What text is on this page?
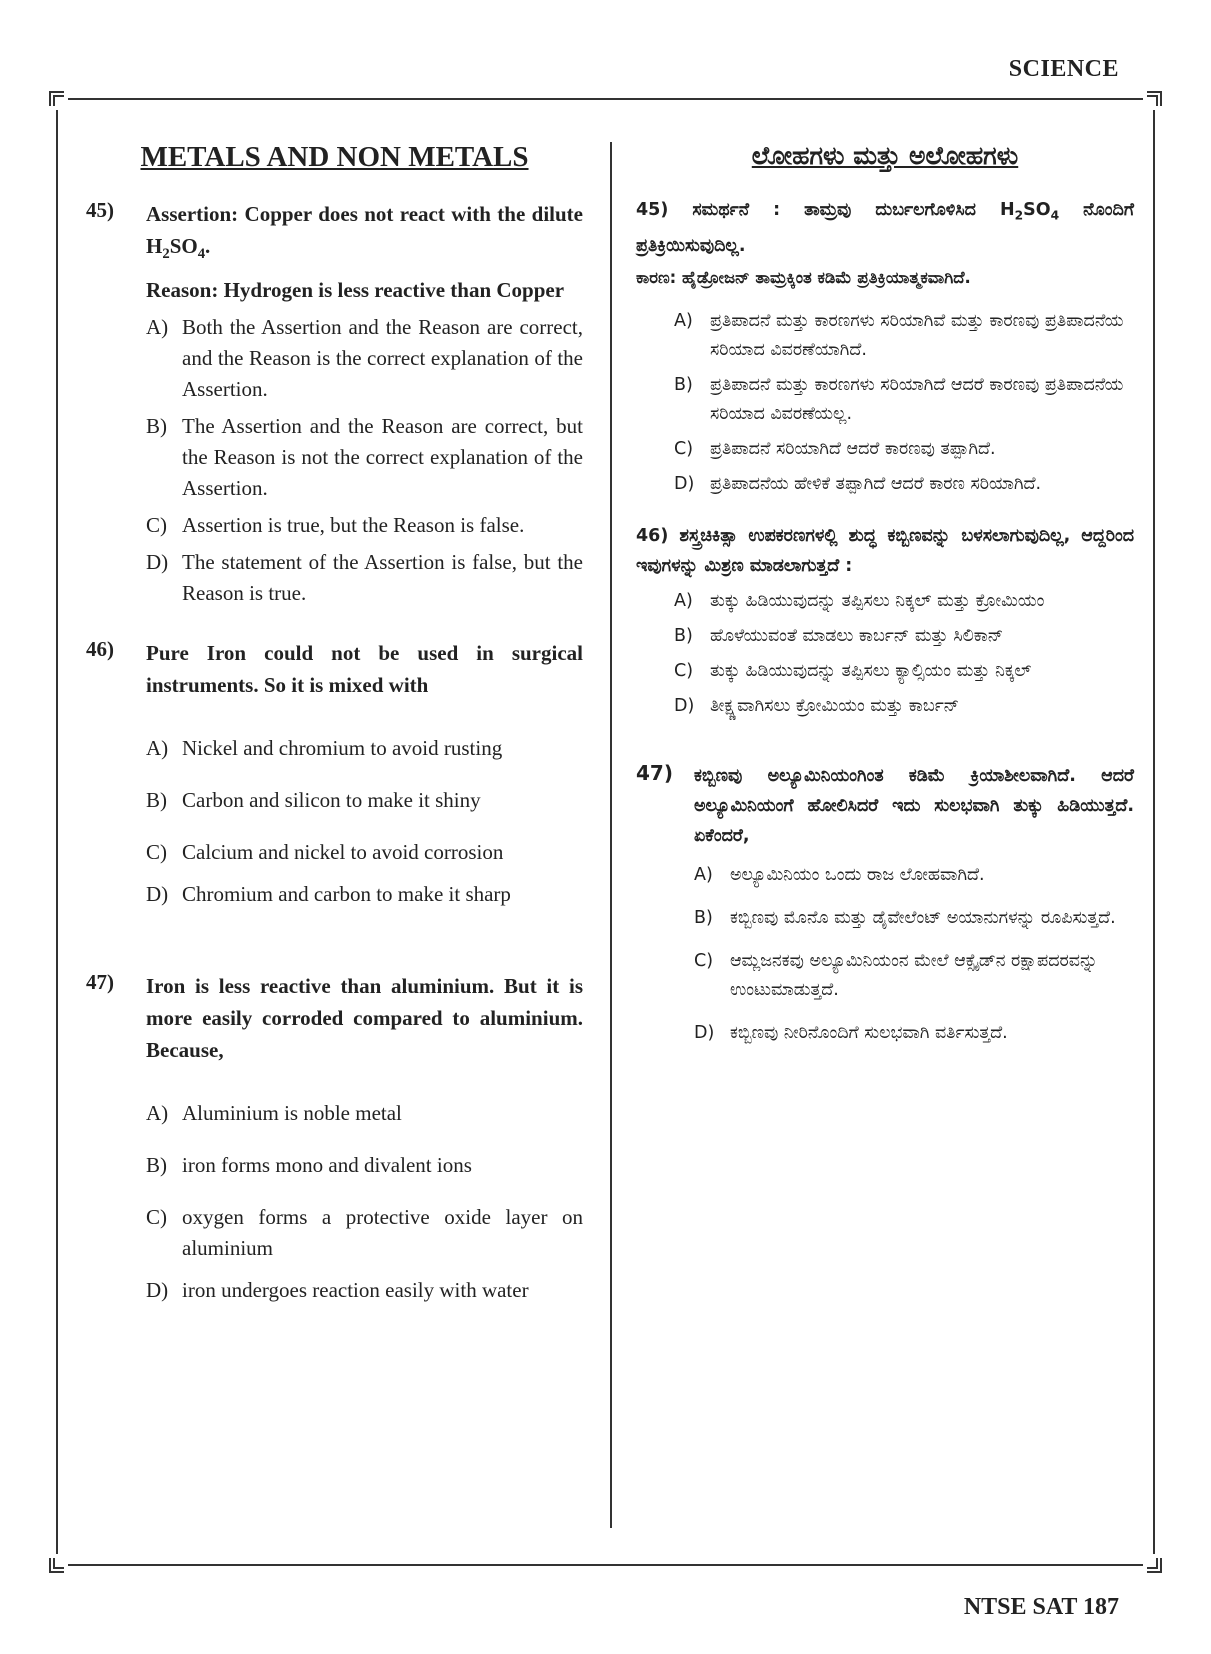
SCIENCE
METALS AND NON METALS
45) Assertion: Copper does not react with the dilute $H_2SO_4$.
Reason: Hydrogen is less reactive than Copper
A) Both the Assertion and the Reason are correct, and the Reason is the correct explanation of the Assertion.
B) The Assertion and the Reason are correct, but the Reason is not the correct explanation of the Assertion.
C) Assertion is true, but the Reason is false.
D) The statement of the Assertion is false, but the Reason is true.
46) Pure Iron could not be used in surgical instruments. So it is mixed with
A) Nickel and chromium to avoid rusting
B) Carbon and silicon to make it shiny
C) Calcium and nickel to avoid corrosion
D) Chromium and carbon to make it sharp
47) Iron is less reactive than aluminium. But it is more easily corroded compared to aluminium. Because,
A) Aluminium is noble metal
B) iron forms mono and divalent ions
C) oxygen forms a protective oxide layer on aluminium
D) iron undergoes reaction easily with water
ಲೋಹಗಳು ಮತ್ತು ಅಲೋಹಗಳು
45) ಸಮರ್ಥನೆ : ತಾಮ್ರವು ದುರ್ಬಲಗೊಳಿಸಿದ $H_2SO_4$ ನೊಂದಿಗೆ ಪ್ರತಿಕ್ರಿಯಿಸುವುದಿಲ್ಲ.
ಕಾರಣ: ಹೈಡ್ರೋಜನ್ ತಾಮ್ರಕ್ಕಿಂತ ಕಡಿಮೆ ಪ್ರತಿಕ್ರಿಯಾತ್ಮಕವಾಗಿದೆ.
A) ಪ್ರತಿಪಾದನೆ ಮತ್ತು ಕಾರಣಗಳು ಸರಿಯಾಗಿವೆ ಮತ್ತು ಕಾರಣವು ಪ್ರತಿಪಾದನೆಯ ಸರಿಯಾದ ವಿವರಣೆಯಾಗಿದೆ.
B) ಪ್ರತಿಪಾದನೆ ಮತ್ತು ಕಾರಣಗಳು ಸರಿಯಾಗಿದೆ ಆದರೆ ಕಾರಣವು ಪ್ರತಿಪಾದನೆಯ ಸರಿಯಾದ ವಿವರಣೆಯಲ್ಲ.
C) ಪ್ರತಿಪಾದನೆ ಸರಿಯಾಗಿದೆ ಆದರೆ ಕಾರಣವು ತಪ್ಪಾಗಿದೆ.
D) ಪ್ರತಿಪಾದನೆಯ ಹೇಳಿಕೆ ತಪ್ಪಾಗಿದೆ ಆದರೆ ಕಾರಣ ಸರಿಯಾಗಿದೆ.
46) ಶಸ್ತ್ರಚಿಕಿತ್ಸಾ ಉಪಕರಣಗಳಲ್ಲಿ ಶುದ್ಧ ಕಬ್ಬಿಣವನ್ನು ಬಳಸಲಾಗುವುದಿಲ್ಲ, ಆದ್ದರಿಂದ ಇವುಗಳನ್ನು ಮಿಶ್ರಣ ಮಾಡಲಾಗುತ್ತದೆ :
A) ತುಕ್ಕು ಹಿಡಿಯುವುದನ್ನು ತಪ್ಪಿಸಲು ನಿಕ್ಕಲ್ ಮತ್ತು ಕ್ರೋಮಿಯಂ
B) ಹೊಳೆಯುವಂತೆ ಮಾಡಲು ಕಾರ್ಬನ್ ಮತ್ತು ಸಿಲಿಕಾನ್
C) ತುಕ್ಕು ಹಿಡಿಯುವುದನ್ನು ತಪ್ಪಿಸಲು ಕ್ಯಾಲ್ಸಿಯಂ ಮತ್ತು ನಿಕ್ಕಲ್
D) ತೀಕ್ಷ್ಣವಾಗಿಸಲು ಕ್ರೋಮಿಯಂ ಮತ್ತು ಕಾರ್ಬನ್
47) ಕಬ್ಬಿಣವು ಅಲ್ಯೂಮಿನಿಯಂಗಿಂತ ಕಡಿಮೆ ಕ್ರಿಯಾಶೀಲವಾಗಿದೆ. ಆದರೆ ಅಲ್ಯೂಮಿನಿಯಂಗೆ ಹೋಲಿಸಿದರೆ ಇದು ಸುಲಭವಾಗಿ ತುಕ್ಕು ಹಿಡಿಯುತ್ತದೆ. ಏಕೆಂದರೆ,
A) ಅಲ್ಯೂಮಿನಿಯಂ ಒಂದು ರಾಜ ಲೋಹವಾಗಿದೆ.
B) ಕಬ್ಬಿಣವು ಮೊನೊ ಮತ್ತು ಡೈವೇಲೆಂಟ್ ಅಯಾನುಗಳನ್ನು ರೂಪಿಸುತ್ತದೆ.
C) ಆಮ್ಲಜನಕವು ಅಲ್ಯೂಮಿನಿಯಂನ ಮೇಲೆ ಆಕ್ಸೈಡ್‌ನ ರಕ್ಷಾಪದರವನ್ನು ಉಂಟುಮಾಡುತ್ತದೆ.
D) ಕಬ್ಬಿಣವು ನೀರಿನೊಂದಿಗೆ ಸುಲಭವಾಗಿ ವರ್ತಿಸುತ್ತದೆ.
NTSE SAT 187
